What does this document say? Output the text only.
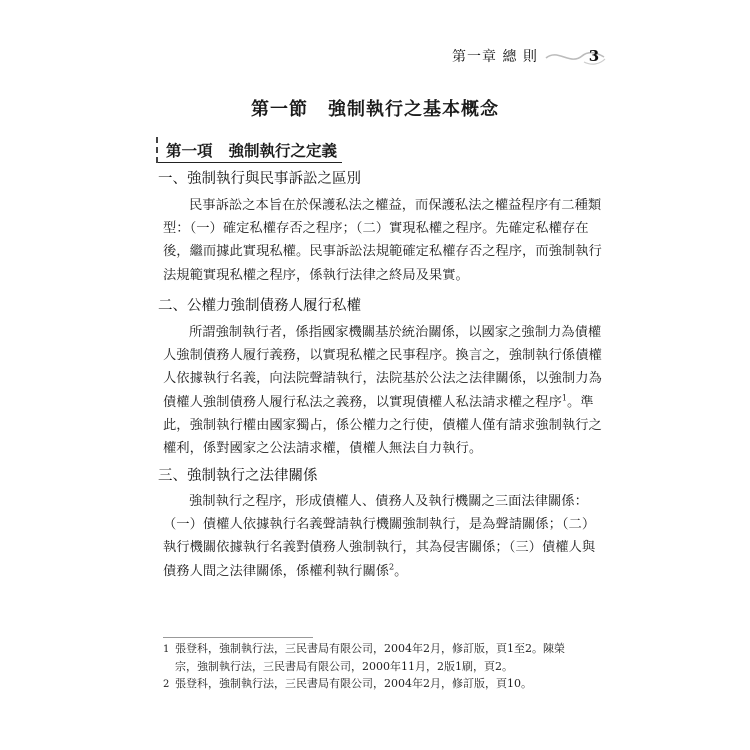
第一章 總 則	3
第一節 強制執行之基本概念
第一項 強制執行之定義
一、強制執行與民事訴訟之區別
民事訴訟之本旨在於保護私法之權益，而保護私法之權益程序有二種類
型：（一）確定私權存否之程序；（二）實現私權之程序。先確定私權存在
後，繼而據此實現私權。民事訴訟法規範確定私權存否之程序，而強制執行
法規範實現私權之程序，係執行法律之終局及果實。
二、公權力強制債務人履行私權
所謂強制執行者，係指國家機關基於統治關係，以國家之強制力為債權
人強制債務人履行義務，以實現私權之民事程序。換言之，強制執行係債權
人依據執行名義，向法院聲請執行，法院基於公法之法律關係，以強制力為
債權人強制債務人履行私法之義務，以實現債權人私法請求權之程序$^1$。準
此，強制執行權由國家獨占，係公權力之行使，債權人僅有請求強制執行之
權利，係對國家之公法請求權，債權人無法自力執行。
三、強制執行之法律關係
強制執行之程序，形成債權人、債務人及執行機關之三面法律關係：
（一）債權人依據執行名義聲請執行機關強制執行，是為聲請關係；（二）
執行機關依據執行名義對債務人強制執行，其為侵害關係；（三）債權人與
債務人間之法律關係，係權利執行關係$^2$。
1 張登科，強制執行法，三民書局有限公司，2004年2月，修訂版，頁1至2。陳榮
宗，強制執行法，三民書局有限公司，2000年11月，2版1刷，頁2。
2 張登科，強制執行法，三民書局有限公司，2004年2月，修訂版，頁10。
